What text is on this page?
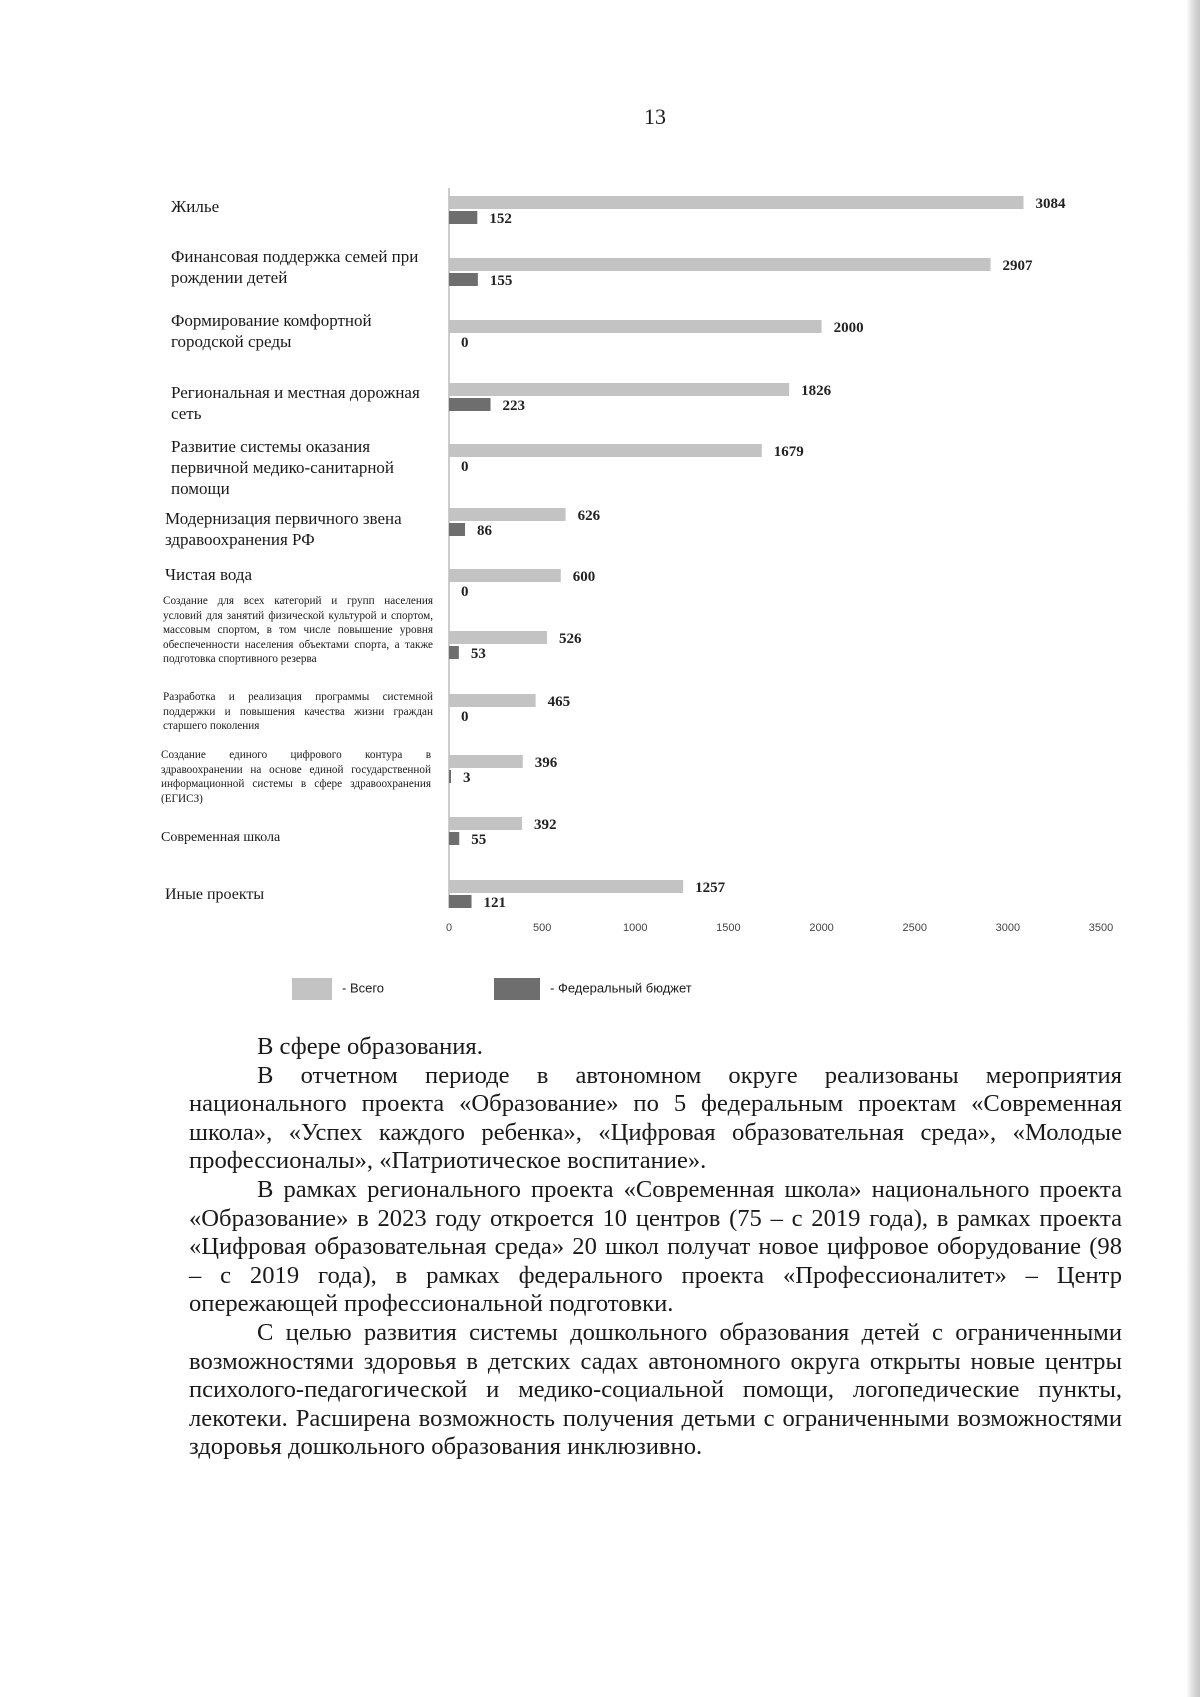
13
Жилье
Финансовая поддержка семей при рождении детей
Формирование комфортной городской среды
Региональная и местная дорожная сеть
Развитие системы оказания первичной медико-санитарной помощи
Модернизация первичного звена здравоохранения РФ
Чистая вода
Создание для всех категорий и групп населения условий для занятий физической культурой и спортом, массовым спортом, в том числе повышение уровня обеспеченности населения объектами спорта, а также подготовка спортивного резерва
Разработка и реализация программы системной поддержки и повышения качества жизни граждан старшего поколения
Создание единого цифрового контура в здравоохранении на основе единой государственной информационной системы в сфере здравоохранения (ЕГИСЗ)
Современная школа
Иные проекты
3084
152
2907
155
2000
0
1826
223
1679
0
626
86
600
0
526
53
465
0
396
3
392
55
1257
121
0	500	1000	1500	2000	2500	3000	3500
- Всего	- Федеральный бюджет

В сфере образования.

В отчетном периоде в автономном округе реализованы мероприятия национального проекта «Образование» по 5 федеральным проектам «Современная школа», «Успех каждого ребенка», «Цифровая образовательная среда», «Молодые профессионалы», «Патриотическое воспитание».

В рамках регионального проекта «Современная школа» национального проекта «Образование» в 2023 году откроется 10 центров (75 – с 2019 года), в рамках проекта «Цифровая образовательная среда» 20 школ получат новое цифровое оборудование (98 – с 2019 года), в рамках федерального проекта «Профессионалитет» – Центр опережающей профессиональной подготовки.

С целью развития системы дошкольного образования детей с ограниченными возможностями здоровья в детских садах автономного округа открыты новые центры психолого-педагогической и медико-социальной помощи, логопедические пункты, лекотеки. Расширена возможность получения детьми с ограниченными возможностями здоровья дошкольного образования инклюзивно.
